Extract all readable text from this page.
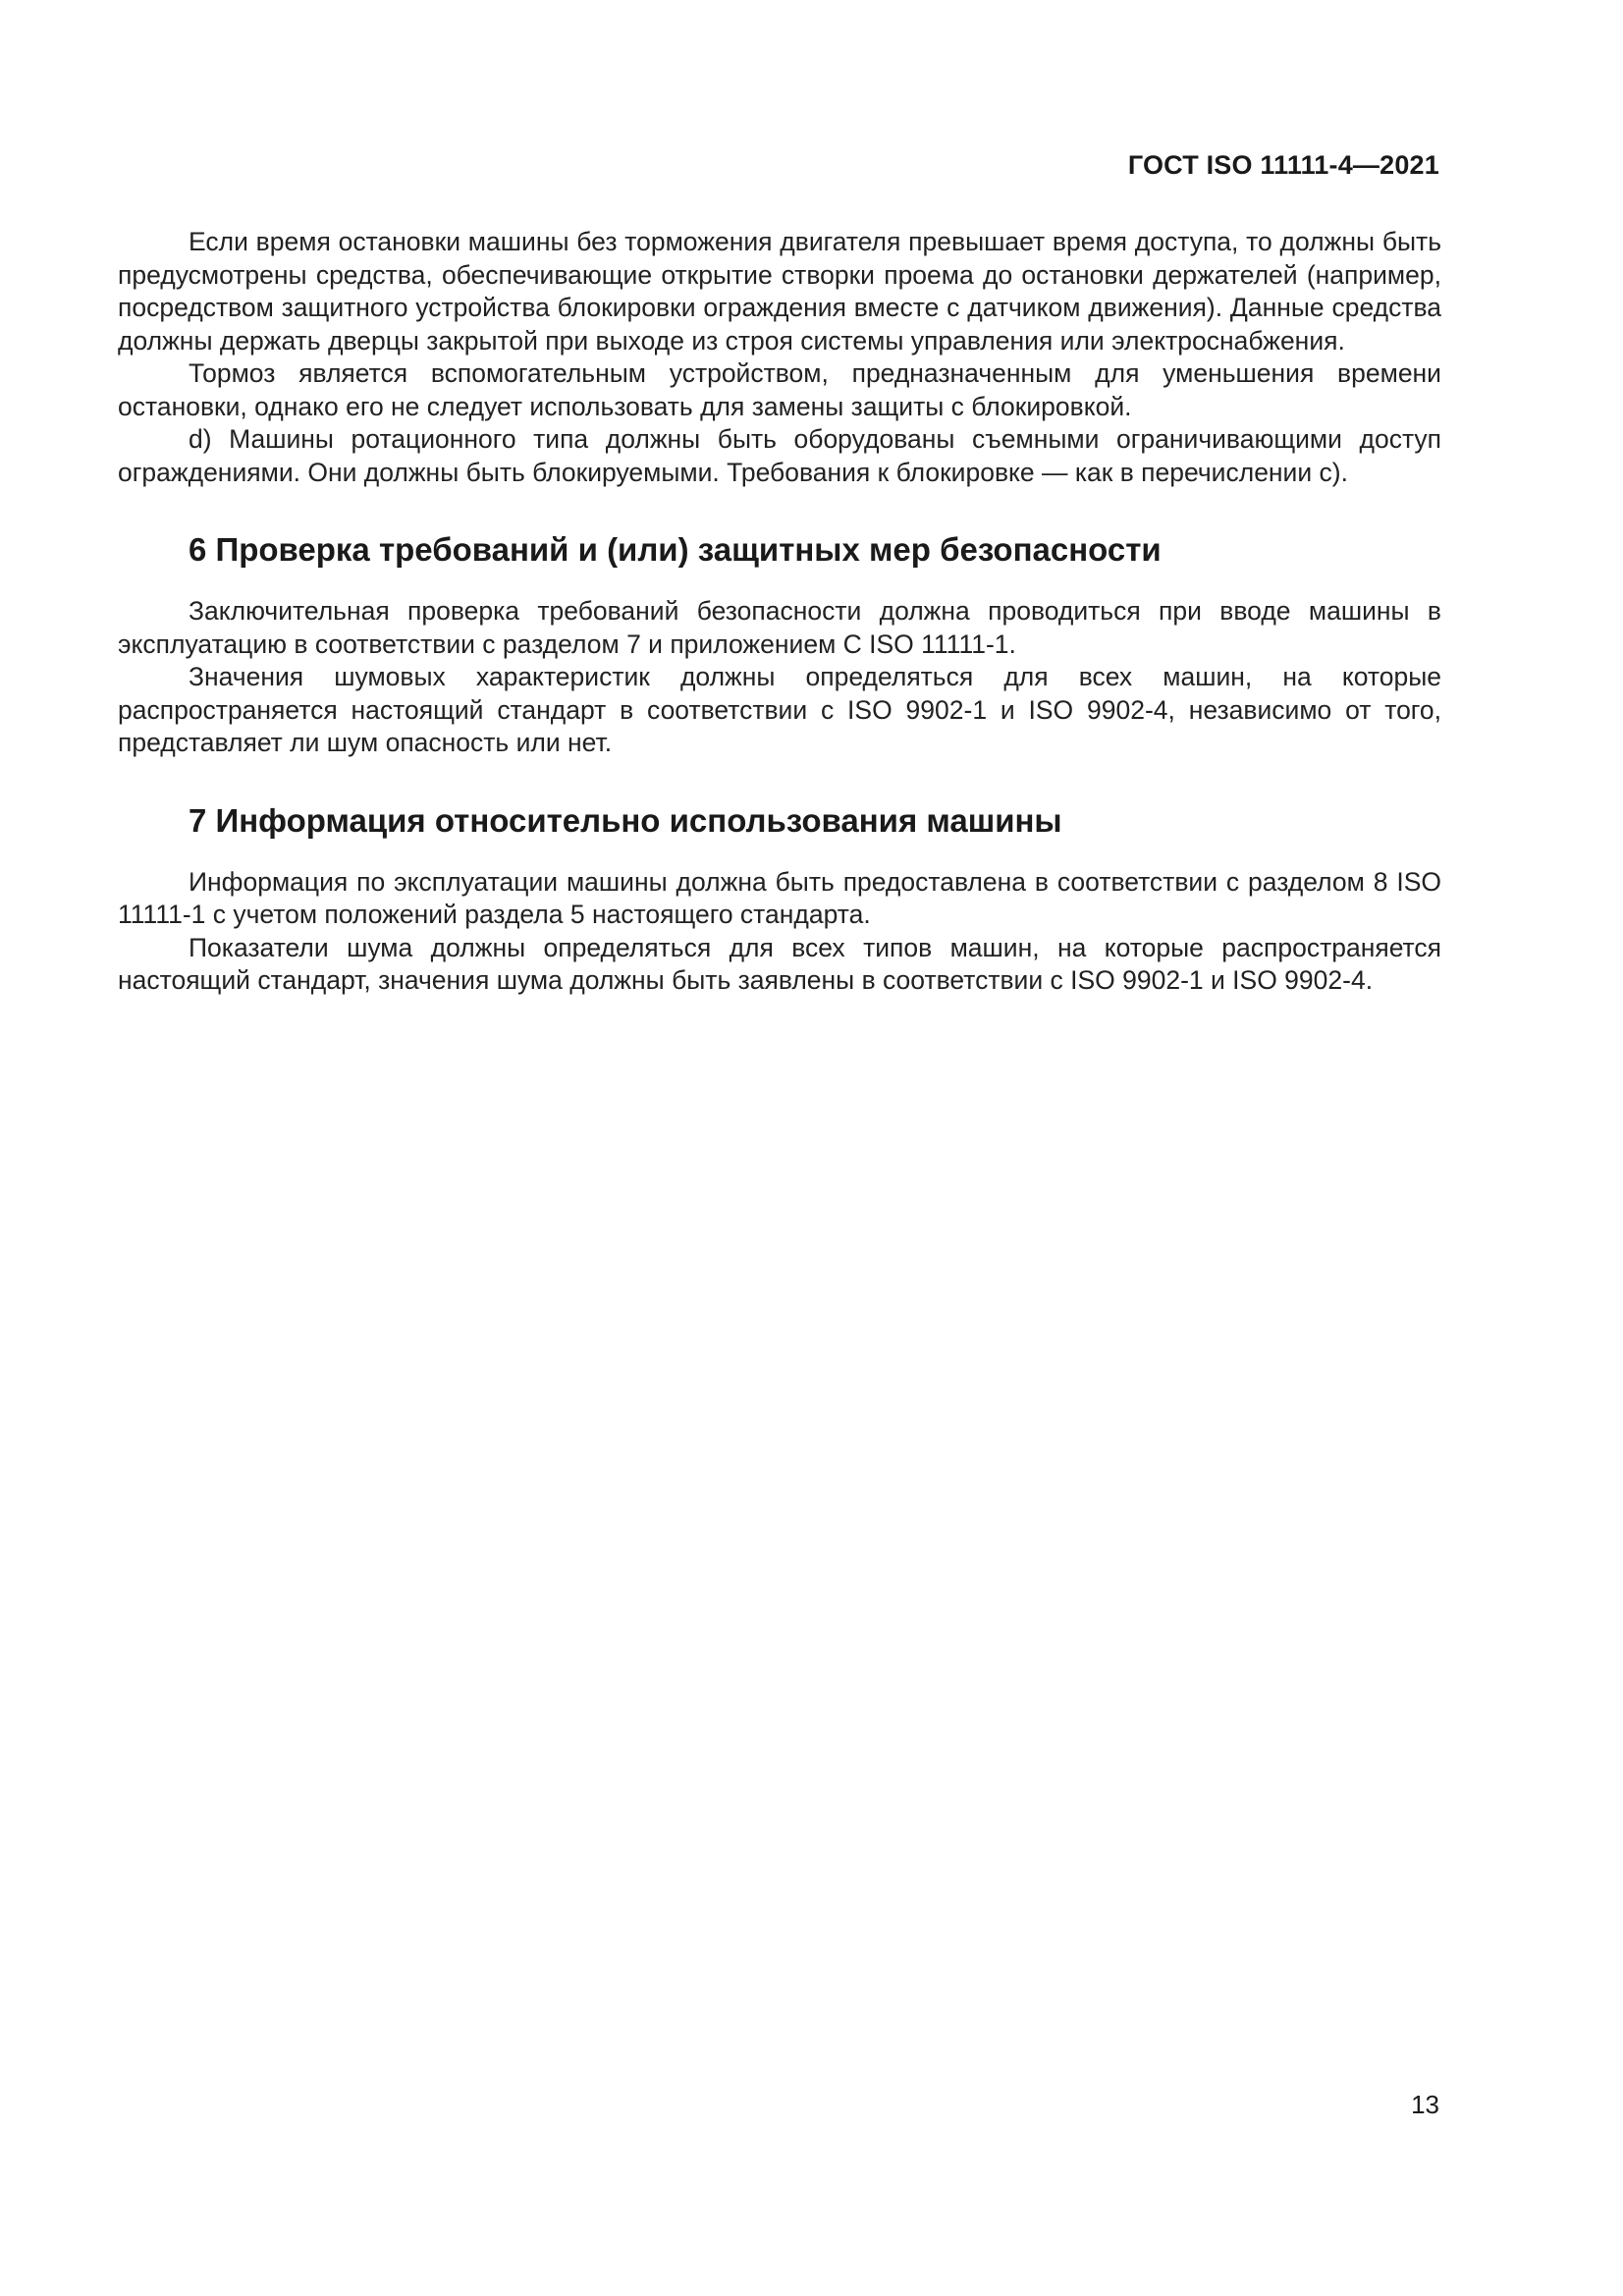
ГОСТ ISO 11111-4—2021

Если время остановки машины без торможения двигателя превышает время доступа, то должны быть предусмотрены средства, обеспечивающие открытие створки проема до остановки держателей (например, посредством защитного устройства блокировки ограждения вместе с датчиком движения). Данные средства должны держать дверцы закрытой при выходе из строя системы управления или электроснабжения.

Тормоз является вспомогательным устройством, предназначенным для уменьшения времени остановки, однако его не следует использовать для замены защиты с блокировкой.

d) Машины ротационного типа должны быть оборудованы съемными ограничивающими доступ ограждениями. Они должны быть блокируемыми. Требования к блокировке — как в перечислении с).

6 Проверка требований и (или) защитных мер безопасности

Заключительная проверка требований безопасности должна проводиться при вводе машины в эксплуатацию в соответствии с разделом 7 и приложением С ISO 11111-1.

Значения шумовых характеристик должны определяться для всех машин, на которые распространяется настоящий стандарт в соответствии с ISO 9902-1 и ISO 9902-4, независимо от того, представляет ли шум опасность или нет.

7 Информация относительно использования машины

Информация по эксплуатации машины должна быть предоставлена в соответствии с разделом 8 ISO 11111-1 с учетом положений раздела 5 настоящего стандарта.

Показатели шума должны определяться для всех типов машин, на которые распространяется настоящий стандарт, значения шума должны быть заявлены в соответствии с ISO 9902-1 и ISO 9902-4.

13
